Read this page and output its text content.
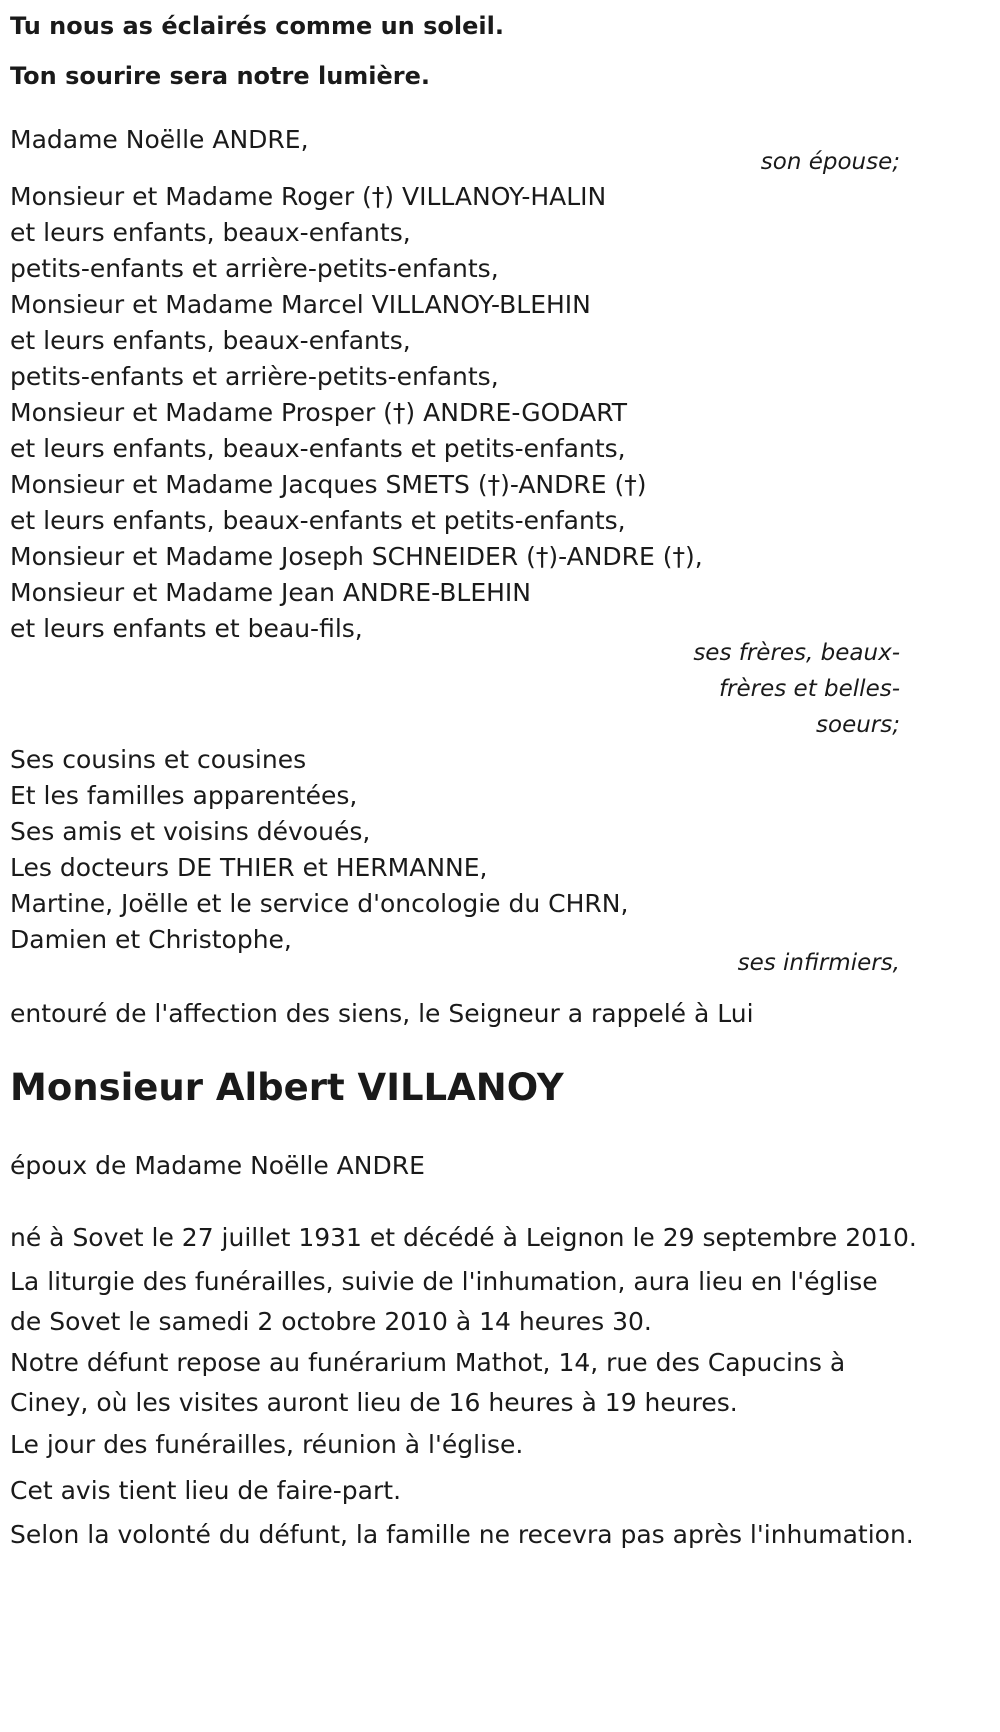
Tu nous as éclairés comme un soleil.

Ton sourire sera notre lumière.

Madame Noëlle ANDRE,

son épouse;

Monsieur et Madame Roger (†) VILLANOY-HALIN

et leurs enfants, beaux-enfants,

petits-enfants et arrière-petits-enfants,

Monsieur et Madame Marcel VILLANOY-BLEHIN

et leurs enfants, beaux-enfants,

petits-enfants et arrière-petits-enfants,

Monsieur et Madame Prosper (†) ANDRE-GODART

et leurs enfants, beaux-enfants et petits-enfants,

Monsieur et Madame Jacques SMETS (†)-ANDRE (†)

et leurs enfants, beaux-enfants et petits-enfants,

Monsieur et Madame Joseph SCHNEIDER (†)-ANDRE (†),

Monsieur et Madame Jean ANDRE-BLEHIN

et leurs enfants et beau-fils,

ses frères, beaux-

frères et belles-

soeurs;

Ses cousins et cousines

Et les familles apparentées,

Ses amis et voisins dévoués,

Les docteurs DE THIER et HERMANNE,

Martine, Joëlle et le service d'oncologie du CHRN,

Damien et Christophe,

ses infirmiers,

entouré de l'affection des siens, le Seigneur a rappelé à Lui

Monsieur Albert VILLANOY

époux de Madame Noëlle ANDRE

né à Sovet le 27 juillet 1931 et décédé à Leignon le 29 septembre 2010.

La liturgie des funérailles, suivie de l'inhumation, aura lieu en l'église de Sovet le samedi 2 octobre 2010 à 14 heures 30.

Notre défunt repose au funérarium Mathot, 14, rue des Capucins à Ciney, où les visites auront lieu de 16 heures à 19 heures.

Le jour des funérailles, réunion à l'église.

Cet avis tient lieu de faire-part.

Selon la volonté du défunt, la famille ne recevra pas après l'inhumation.
